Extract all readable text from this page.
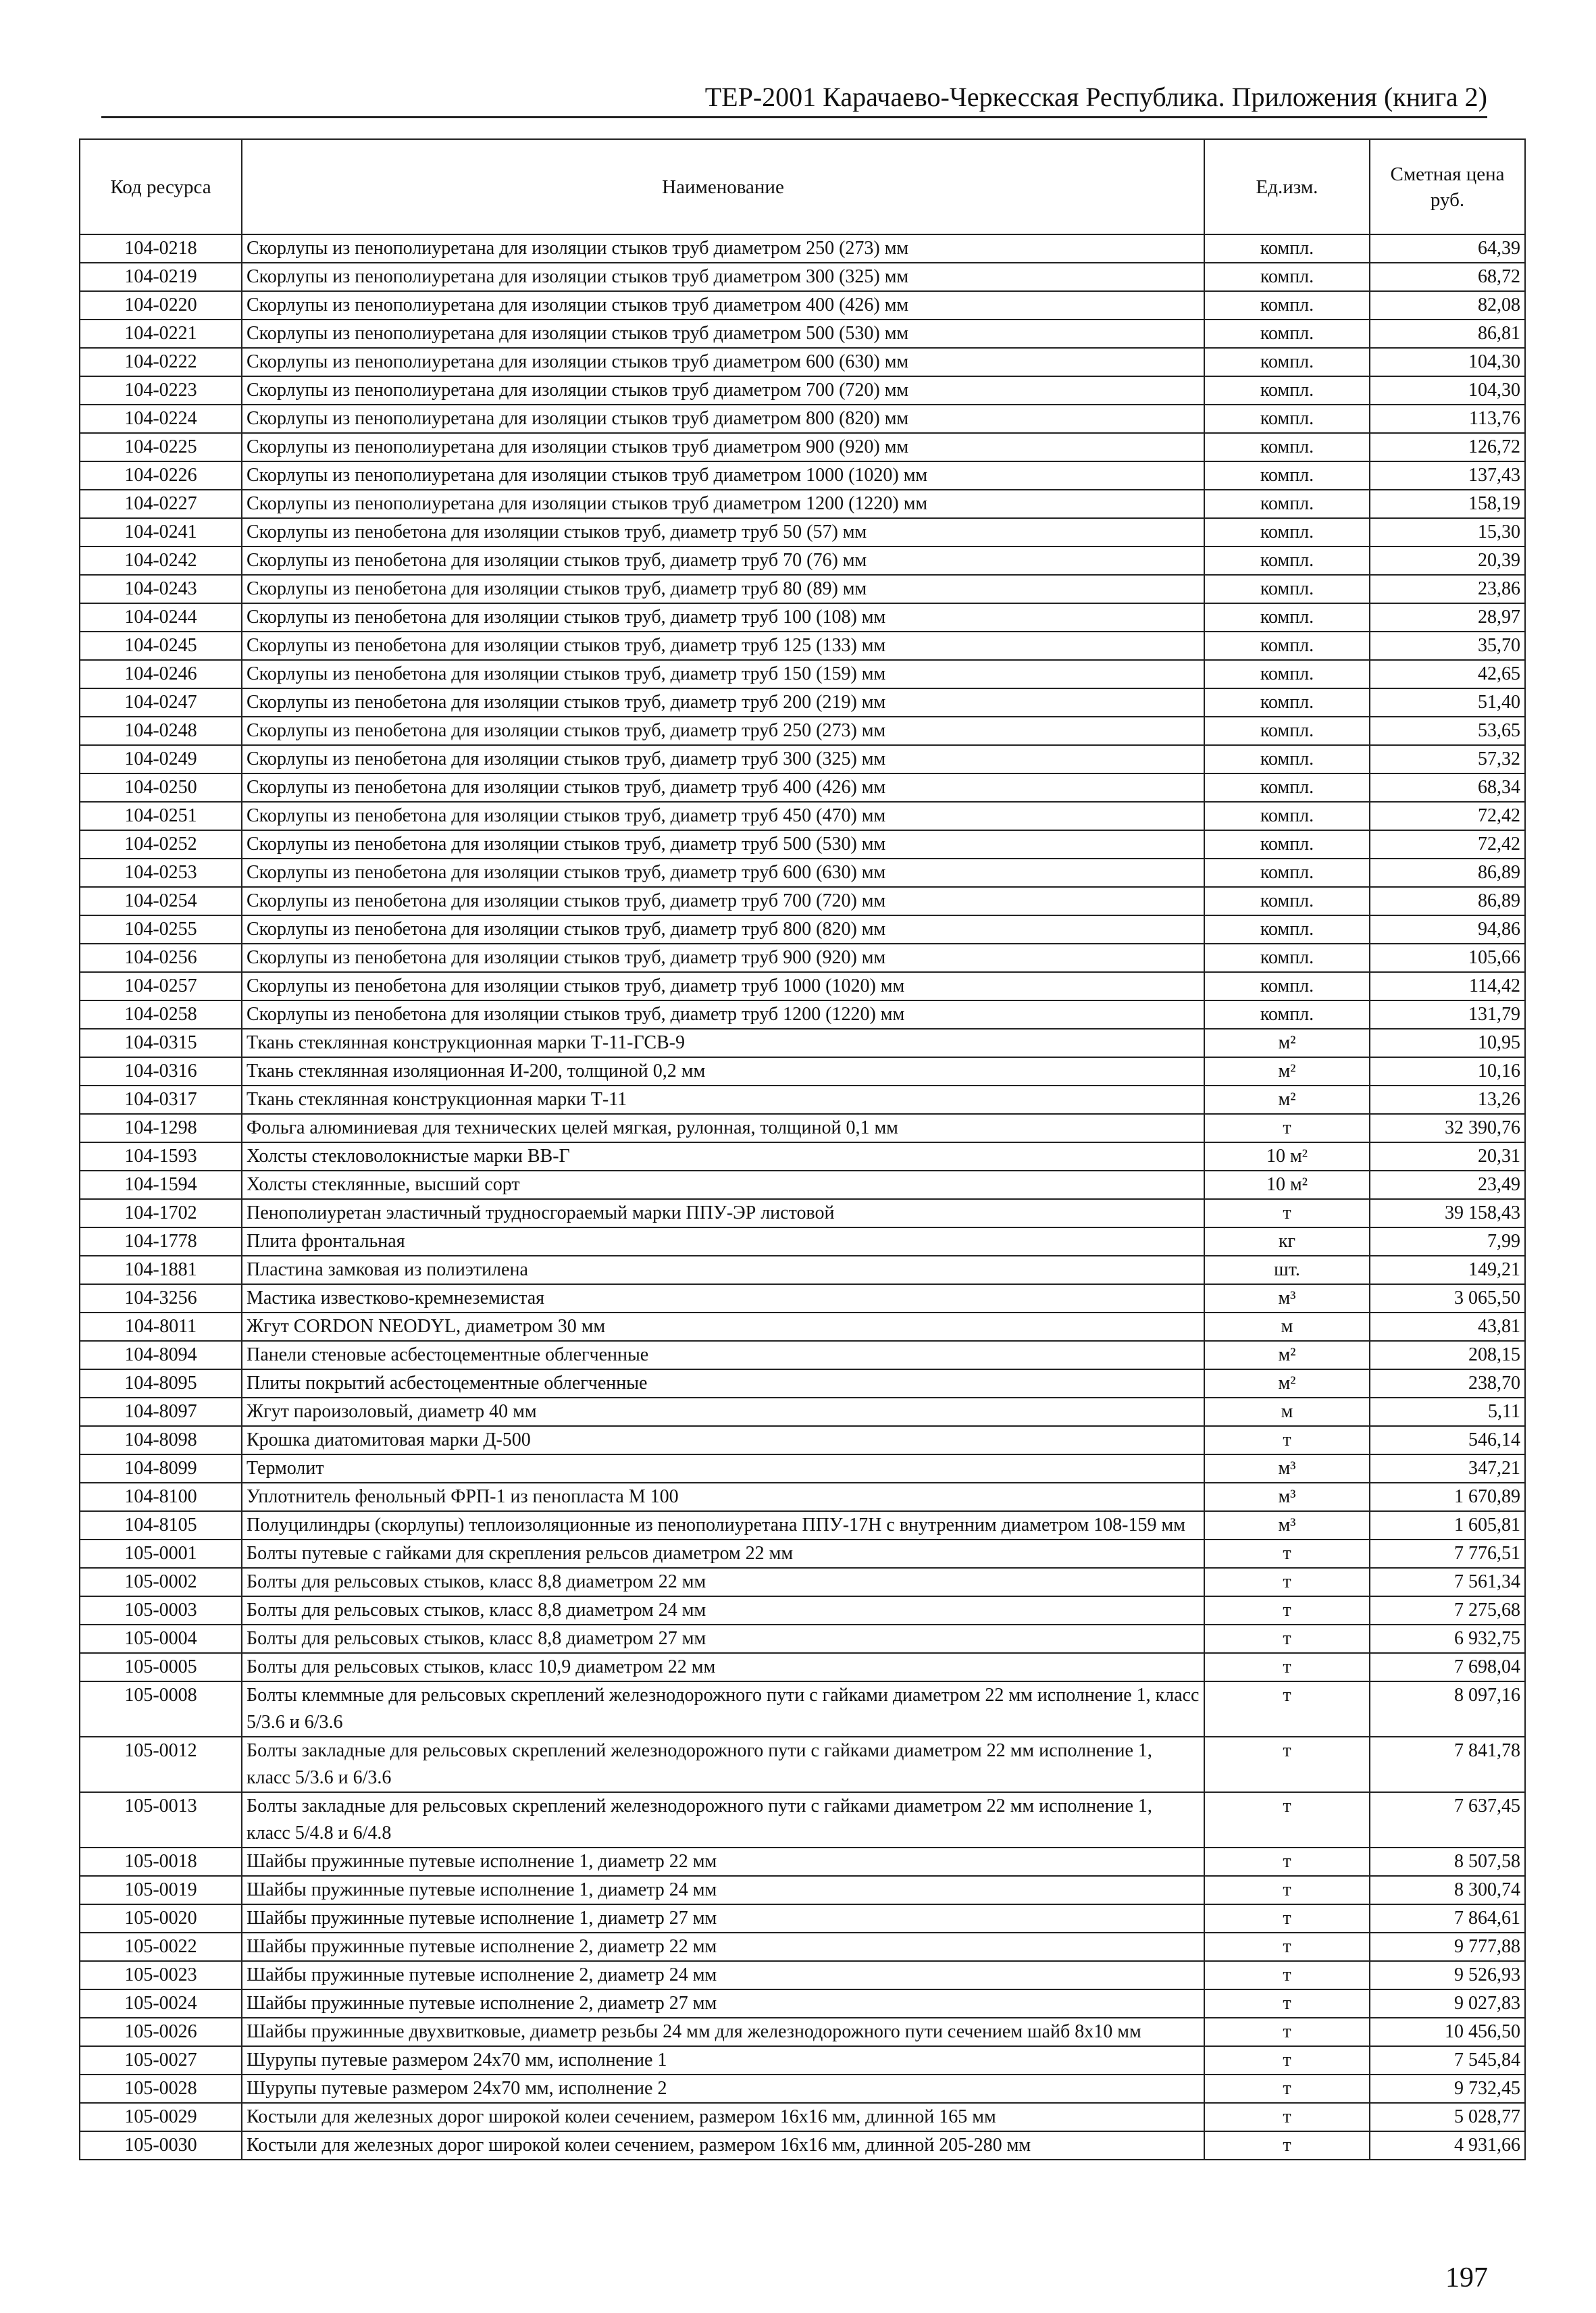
ТЕР-2001 Карачаево-Черкесская Республика. Приложения (книга 2)
Код ресурса	Наименование	Ед.изм.	Сметная цена руб.
104-0218	Скорлупы из пенополиуретана для изоляции стыков труб диаметром 250 (273) мм	компл.	64,39
104-0219	Скорлупы из пенополиуретана для изоляции стыков труб диаметром 300 (325) мм	компл.	68,72
104-0220	Скорлупы из пенополиуретана для изоляции стыков труб диаметром 400 (426) мм	компл.	82,08
104-0221	Скорлупы из пенополиуретана для изоляции стыков труб диаметром 500 (530) мм	компл.	86,81
104-0222	Скорлупы из пенополиуретана для изоляции стыков труб диаметром 600 (630) мм	компл.	104,30
104-0223	Скорлупы из пенополиуретана для изоляции стыков труб диаметром 700 (720) мм	компл.	104,30
104-0224	Скорлупы из пенополиуретана для изоляции стыков труб диаметром 800 (820) мм	компл.	113,76
104-0225	Скорлупы из пенополиуретана для изоляции стыков труб диаметром 900 (920) мм	компл.	126,72
104-0226	Скорлупы из пенополиуретана для изоляции стыков труб диаметром 1000 (1020) мм	компл.	137,43
104-0227	Скорлупы из пенополиуретана для изоляции стыков труб диаметром 1200 (1220) мм	компл.	158,19
104-0241	Скорлупы из пенобетона для изоляции стыков труб, диаметр труб 50 (57) мм	компл.	15,30
104-0242	Скорлупы из пенобетона для изоляции стыков труб, диаметр труб 70 (76) мм	компл.	20,39
104-0243	Скорлупы из пенобетона для изоляции стыков труб, диаметр труб 80 (89) мм	компл.	23,86
104-0244	Скорлупы из пенобетона для изоляции стыков труб, диаметр труб 100 (108) мм	компл.	28,97
104-0245	Скорлупы из пенобетона для изоляции стыков труб, диаметр труб 125 (133) мм	компл.	35,70
104-0246	Скорлупы из пенобетона для изоляции стыков труб, диаметр труб 150 (159) мм	компл.	42,65
104-0247	Скорлупы из пенобетона для изоляции стыков труб, диаметр труб 200 (219) мм	компл.	51,40
104-0248	Скорлупы из пенобетона для изоляции стыков труб, диаметр труб 250 (273) мм	компл.	53,65
104-0249	Скорлупы из пенобетона для изоляции стыков труб, диаметр труб 300 (325) мм	компл.	57,32
104-0250	Скорлупы из пенобетона для изоляции стыков труб, диаметр труб 400 (426) мм	компл.	68,34
104-0251	Скорлупы из пенобетона для изоляции стыков труб, диаметр труб 450 (470) мм	компл.	72,42
104-0252	Скорлупы из пенобетона для изоляции стыков труб, диаметр труб 500 (530) мм	компл.	72,42
104-0253	Скорлупы из пенобетона для изоляции стыков труб, диаметр труб 600 (630) мм	компл.	86,89
104-0254	Скорлупы из пенобетона для изоляции стыков труб, диаметр труб 700 (720) мм	компл.	86,89
104-0255	Скорлупы из пенобетона для изоляции стыков труб, диаметр труб 800 (820) мм	компл.	94,86
104-0256	Скорлупы из пенобетона для изоляции стыков труб, диаметр труб 900 (920) мм	компл.	105,66
104-0257	Скорлупы из пенобетона для изоляции стыков труб, диаметр труб 1000 (1020) мм	компл.	114,42
104-0258	Скорлупы из пенобетона для изоляции стыков труб, диаметр труб 1200 (1220) мм	компл.	131,79
104-0315	Ткань стеклянная конструкционная марки Т-11-ГСВ-9	м²	10,95
104-0316	Ткань стеклянная изоляционная И-200, толщиной 0,2 мм	м²	10,16
104-0317	Ткань стеклянная конструкционная марки Т-11	м²	13,26
104-1298	Фольга алюминиевая для технических целей мягкая, рулонная, толщиной 0,1 мм	т	32 390,76
104-1593	Холсты стекловолокнистые марки ВВ-Г	10 м²	20,31
104-1594	Холсты стеклянные, высший сорт	10 м²	23,49
104-1702	Пенополиуретан эластичный трудносгораемый марки ППУ-ЭР листовой	т	39 158,43
104-1778	Плита фронтальная	кг	7,99
104-1881	Пластина замковая из полиэтилена	шт.	149,21
104-3256	Мастика известково-кремнеземистая	м³	3 065,50
104-8011	Жгут CORDON NEODYL, диаметром 30 мм	м	43,81
104-8094	Панели стеновые асбестоцементные облегченные	м²	208,15
104-8095	Плиты покрытий асбестоцементные облегченные	м²	238,70
104-8097	Жгут пароизоловый, диаметр 40 мм	м	5,11
104-8098	Крошка диатомитовая марки Д-500	т	546,14
104-8099	Термолит	м³	347,21
104-8100	Уплотнитель фенольный ФРП-1 из пенопласта М 100	м³	1 670,89
104-8105	Полуцилиндры (скорлупы) теплоизоляционные из пенополиуретана ППУ-17Н с внутренним диаметром 108-159 мм	м³	1 605,81
105-0001	Болты путевые с гайками для скрепления рельсов диаметром 22 мм	т	7 776,51
105-0002	Болты для рельсовых стыков, класс 8,8 диаметром 22 мм	т	7 561,34
105-0003	Болты для рельсовых стыков, класс 8,8 диаметром 24 мм	т	7 275,68
105-0004	Болты для рельсовых стыков, класс 8,8 диаметром 27 мм	т	6 932,75
105-0005	Болты для рельсовых стыков, класс 10,9 диаметром 22 мм	т	7 698,04
105-0008	Болты клеммные для рельсовых скреплений железнодорожного пути с гайками диаметром 22 мм исполнение 1, класс 5/3.6 и 6/3.6	т	8 097,16
105-0012	Болты закладные для рельсовых скреплений железнодорожного пути с гайками диаметром 22 мм исполнение 1, класс 5/3.6 и 6/3.6	т	7 841,78
105-0013	Болты закладные для рельсовых скреплений железнодорожного пути с гайками диаметром 22 мм исполнение 1, класс 5/4.8 и 6/4.8	т	7 637,45
105-0018	Шайбы пружинные путевые исполнение 1, диаметр 22 мм	т	8 507,58
105-0019	Шайбы пружинные путевые исполнение 1, диаметр 24 мм	т	8 300,74
105-0020	Шайбы пружинные путевые исполнение 1, диаметр 27 мм	т	7 864,61
105-0022	Шайбы пружинные путевые исполнение 2, диаметр 22 мм	т	9 777,88
105-0023	Шайбы пружинные путевые исполнение 2, диаметр 24 мм	т	9 526,93
105-0024	Шайбы пружинные путевые исполнение 2, диаметр 27 мм	т	9 027,83
105-0026	Шайбы пружинные двухвитковые, диаметр резьбы 24 мм для железнодорожного пути сечением шайб 8х10 мм	т	10 456,50
105-0027	Шурупы путевые размером 24х70 мм, исполнение 1	т	7 545,84
105-0028	Шурупы путевые размером 24х70 мм, исполнение 2	т	9 732,45
105-0029	Костыли для железных дорог широкой колеи сечением, размером 16х16 мм, длинной 165 мм	т	5 028,77
105-0030	Костыли для железных дорог широкой колеи сечением, размером 16х16 мм, длинной 205-280 мм	т	4 931,66
197
